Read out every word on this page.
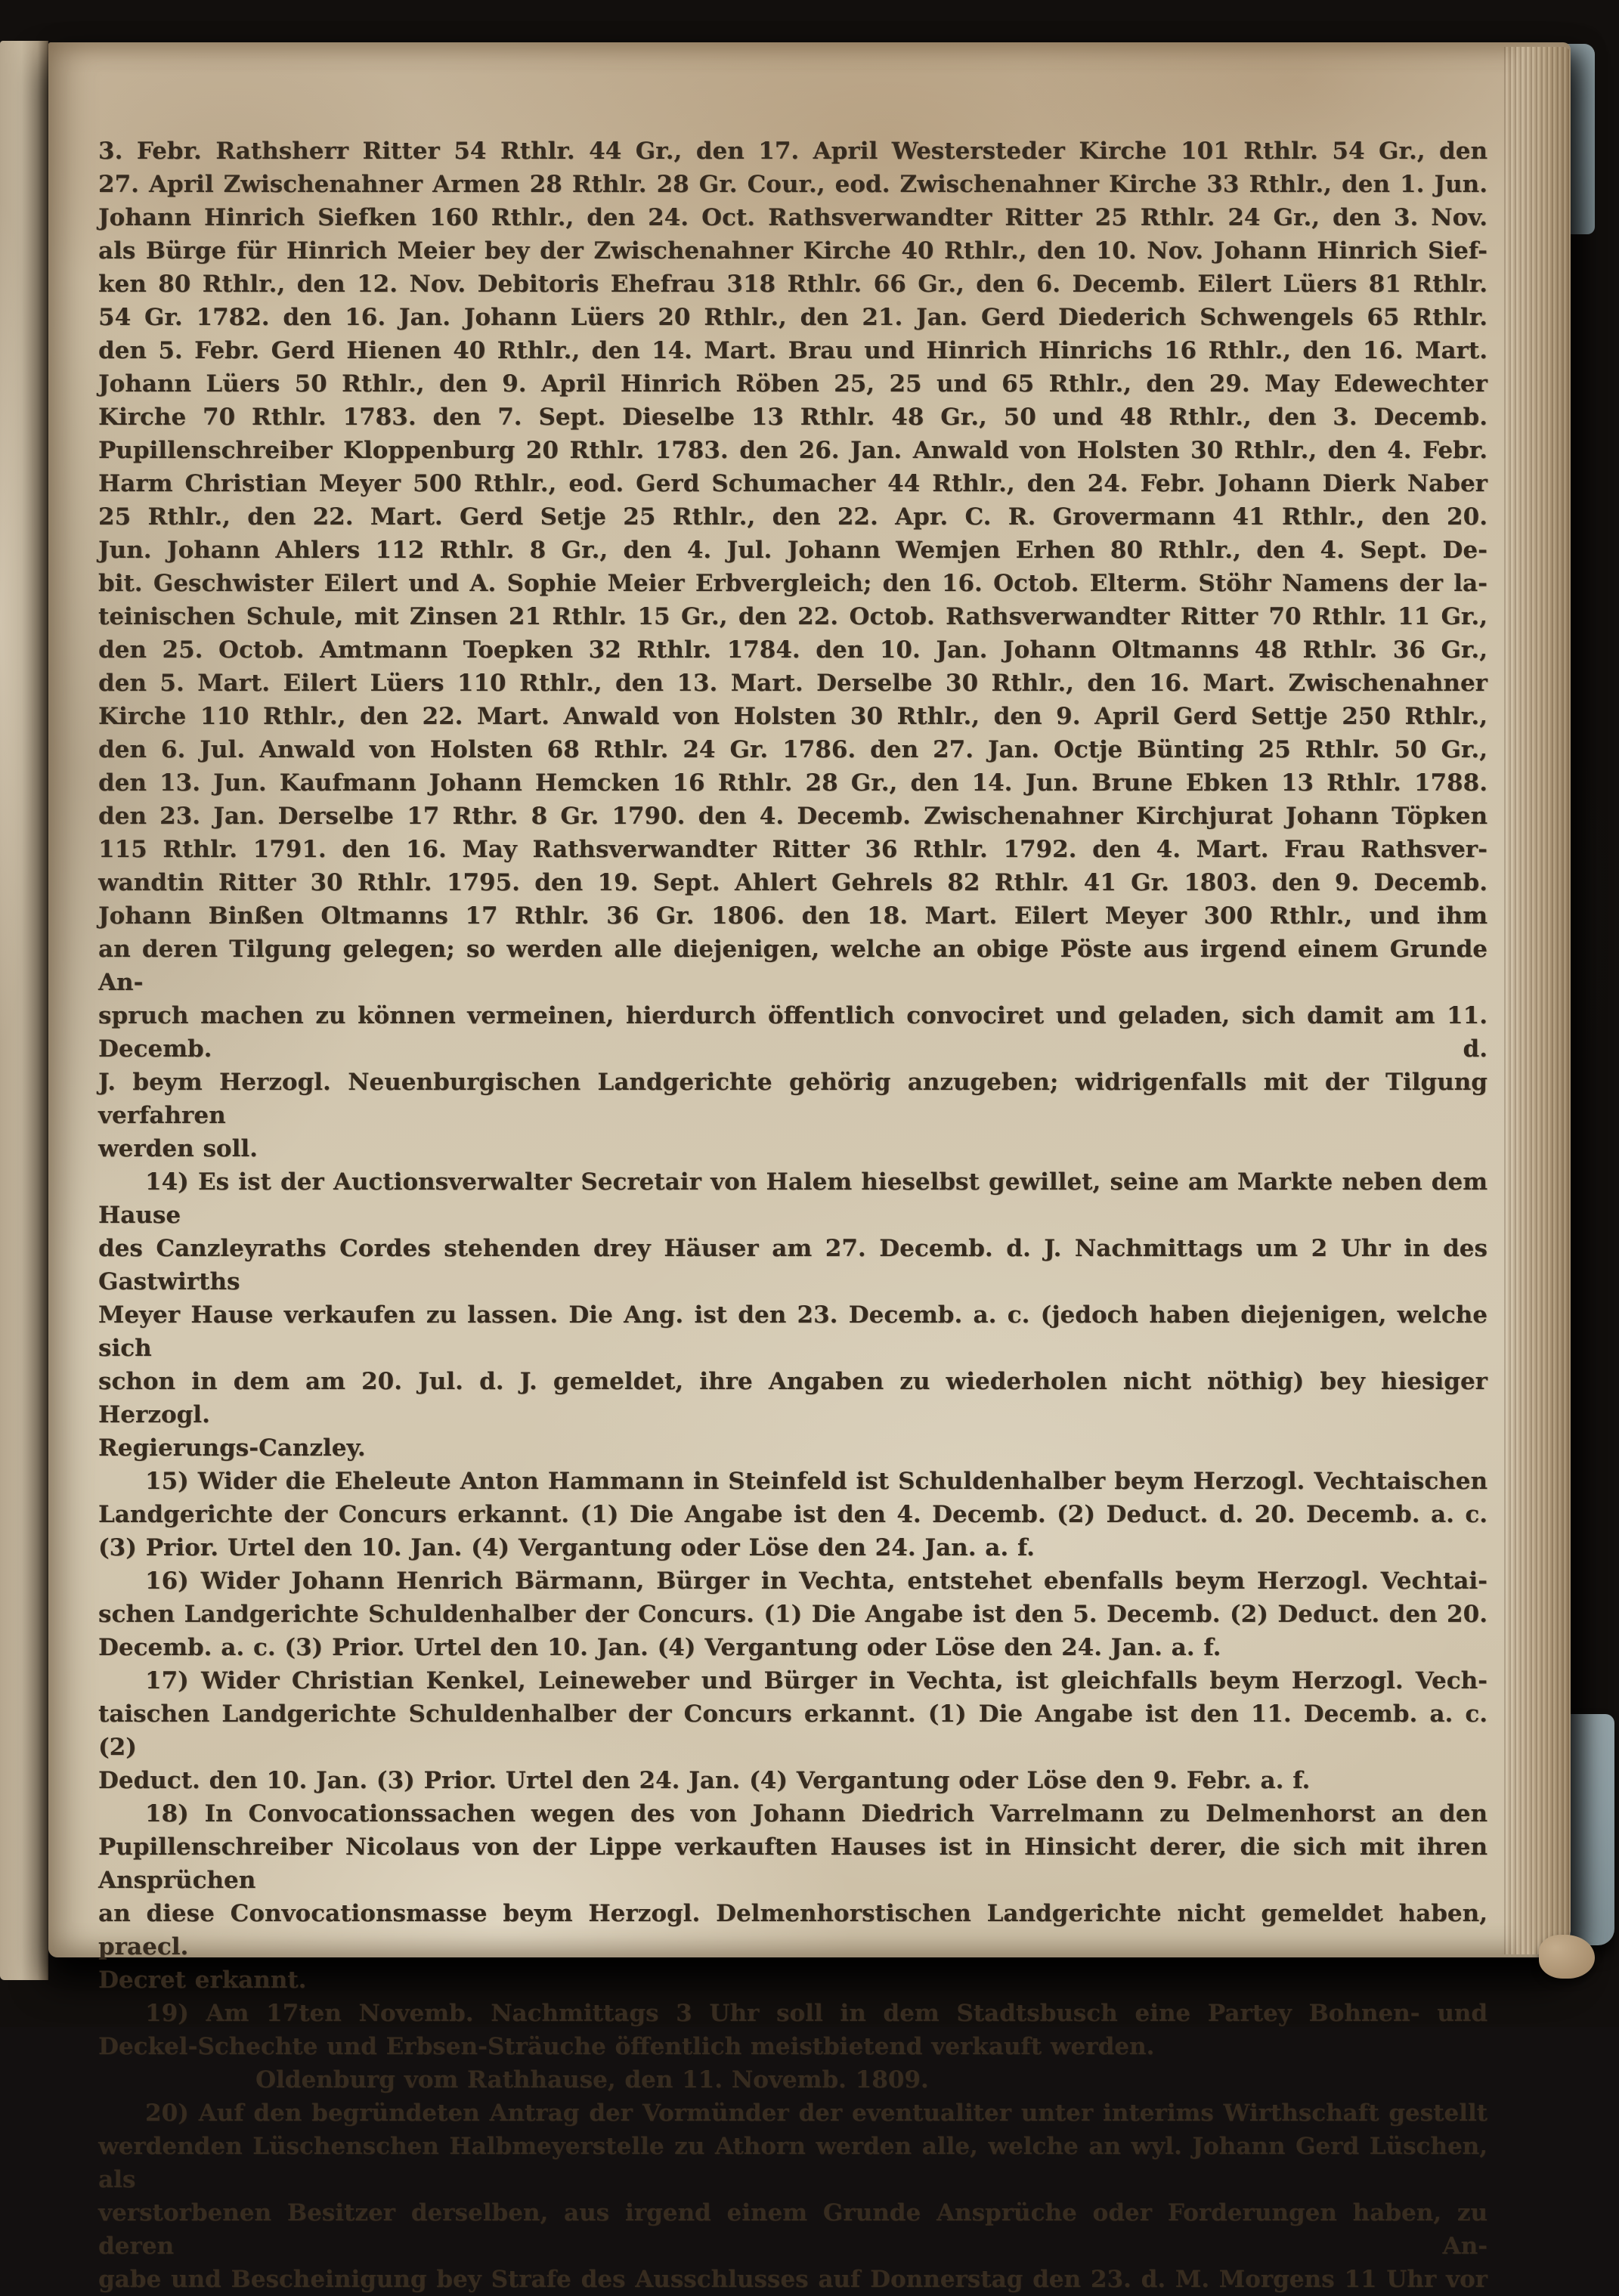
3. Febr. Rathsherr Ritter 54 Rthlr. 44 Gr., den 17. April Westersteder Kirche 101 Rthlr. 54 Gr., den
27. April Zwischenahner Armen 28 Rthlr. 28 Gr. Cour., eod. Zwischenahner Kirche 33 Rthlr., den 1. Jun.
Johann Hinrich Siefken 160 Rthlr., den 24. Oct. Rathsverwandter Ritter 25 Rthlr. 24 Gr., den 3. Nov.
als Bürge für Hinrich Meier bey der Zwischenahner Kirche 40 Rthlr., den 10. Nov. Johann Hinrich Sief-
ken 80 Rthlr., den 12. Nov. Debitoris Ehefrau 318 Rthlr. 66 Gr., den 6. Decemb. Eilert Lüers 81 Rthlr.
54 Gr. 1782. den 16. Jan. Johann Lüers 20 Rthlr., den 21. Jan. Gerd Diederich Schwengels 65 Rthlr.
den 5. Febr. Gerd Hienen 40 Rthlr., den 14. Mart. Brau und Hinrich Hinrichs 16 Rthlr., den 16. Mart.
Johann Lüers 50 Rthlr., den 9. April Hinrich Röben 25, 25 und 65 Rthlr., den 29. May Edewechter
Kirche 70 Rthlr. 1783. den 7. Sept. Dieselbe 13 Rthlr. 48 Gr., 50 und 48 Rthlr., den 3. Decemb.
Pupillenschreiber Kloppenburg 20 Rthlr. 1783. den 26. Jan. Anwald von Holsten 30 Rthlr., den 4. Febr.
Harm Christian Meyer 500 Rthlr., eod. Gerd Schumacher 44 Rthlr., den 24. Febr. Johann Dierk Naber
25 Rthlr., den 22. Mart. Gerd Setje 25 Rthlr., den 22. Apr. C. R. Grovermann 41 Rthlr., den 20.
Jun. Johann Ahlers 112 Rthlr. 8 Gr., den 4. Jul. Johann Wemjen Erhen 80 Rthlr., den 4. Sept. De-
bit. Geschwister Eilert und A. Sophie Meier Erbvergleich; den 16. Octob. Elterm. Stöhr Namens der la-
teinischen Schule, mit Zinsen 21 Rthlr. 15 Gr., den 22. Octob. Rathsverwandter Ritter 70 Rthlr. 11 Gr.,
den 25. Octob. Amtmann Toepken 32 Rthlr. 1784. den 10. Jan. Johann Oltmanns 48 Rthlr. 36 Gr.,
den 5. Mart. Eilert Lüers 110 Rthlr., den 13. Mart. Derselbe 30 Rthlr., den 16. Mart. Zwischenahner
Kirche 110 Rthlr., den 22. Mart. Anwald von Holsten 30 Rthlr., den 9. April Gerd Settje 250 Rthlr.,
den 6. Jul. Anwald von Holsten 68 Rthlr. 24 Gr. 1786. den 27. Jan. Octje Bünting 25 Rthlr. 50 Gr.,
den 13. Jun. Kaufmann Johann Hemcken 16 Rthlr. 28 Gr., den 14. Jun. Brune Ebken 13 Rthlr. 1788.
den 23. Jan. Derselbe 17 Rthr. 8 Gr. 1790. den 4. Decemb. Zwischenahner Kirchjurat Johann Töpken
115 Rthlr. 1791. den 16. May Rathsverwandter Ritter 36 Rthlr. 1792. den 4. Mart. Frau Rathsver-
wandtin Ritter 30 Rthlr. 1795. den 19. Sept. Ahlert Gehrels 82 Rthlr. 41 Gr. 1803. den 9. Decemb.
Johann Binßen Oltmanns 17 Rthlr. 36 Gr. 1806. den 18. Mart. Eilert Meyer 300 Rthlr., und ihm
an deren Tilgung gelegen; so werden alle diejenigen, welche an obige Pöste aus irgend einem Grunde An-
spruch machen zu können vermeinen, hierdurch öffentlich convociret und geladen, sich damit am 11. Decemb. d.
J. beym Herzogl. Neuenburgischen Landgerichte gehörig anzugeben; widrigenfalls mit der Tilgung verfahren
werden soll.
14) Es ist der Auctionsverwalter Secretair von Halem hieselbst gewillet, seine am Markte neben dem Hause
des Canzleyraths Cordes stehenden drey Häuser am 27. Decemb. d. J. Nachmittags um 2 Uhr in des Gastwirths
Meyer Hause verkaufen zu lassen. Die Ang. ist den 23. Decemb. a. c. (jedoch haben diejenigen, welche sich
schon in dem am 20. Jul. d. J. gemeldet, ihre Angaben zu wiederholen nicht nöthig) bey hiesiger Herzogl.
Regierungs-Canzley.
15) Wider die Eheleute Anton Hammann in Steinfeld ist Schuldenhalber beym Herzogl. Vechtaischen
Landgerichte der Concurs erkannt. (1) Die Angabe ist den 4. Decemb. (2) Deduct. d. 20. Decemb. a. c.
(3) Prior. Urtel den 10. Jan. (4) Vergantung oder Löse den 24. Jan. a. f.
16) Wider Johann Henrich Bärmann, Bürger in Vechta, entstehet ebenfalls beym Herzogl. Vechtai-
schen Landgerichte Schuldenhalber der Concurs. (1) Die Angabe ist den 5. Decemb. (2) Deduct. den 20.
Decemb. a. c. (3) Prior. Urtel den 10. Jan. (4) Vergantung oder Löse den 24. Jan. a. f.
17) Wider Christian Kenkel, Leineweber und Bürger in Vechta, ist gleichfalls beym Herzogl. Vech-
taischen Landgerichte Schuldenhalber der Concurs erkannt. (1) Die Angabe ist den 11. Decemb. a. c. (2)
Deduct. den 10. Jan. (3) Prior. Urtel den 24. Jan. (4) Vergantung oder Löse den 9. Febr. a. f.
18) In Convocationssachen wegen des von Johann Diedrich Varrelmann zu Delmenhorst an den
Pupillenschreiber Nicolaus von der Lippe verkauften Hauses ist in Hinsicht derer, die sich mit ihren Ansprüchen
an diese Convocationsmasse beym Herzogl. Delmenhorstischen Landgerichte nicht gemeldet haben, praecl.
Decret erkannt.
19) Am 17ten Novemb. Nachmittags 3 Uhr soll in dem Stadtsbusch eine Partey Bohnen- und
Deckel-Schechte und Erbsen-Sträuche öffentlich meistbietend verkauft werden.
Oldenburg vom Rathhause, den 11. Novemb. 1809.
20) Auf den begründeten Antrag der Vormünder der eventualiter unter interims Wirthschaft gestellt
werdenden Lüschenschen Halbmeyerstelle zu Athorn werden alle, welche an wyl. Johann Gerd Lüschen, als
verstorbenen Besitzer derselben, aus irgend einem Grunde Ansprüche oder Forderungen haben, zu deren An-
gabe und Bescheinigung bey Strafe des Ausschlusses auf Donnerstag den 23. d. M. Morgens 11 Uhr vor
